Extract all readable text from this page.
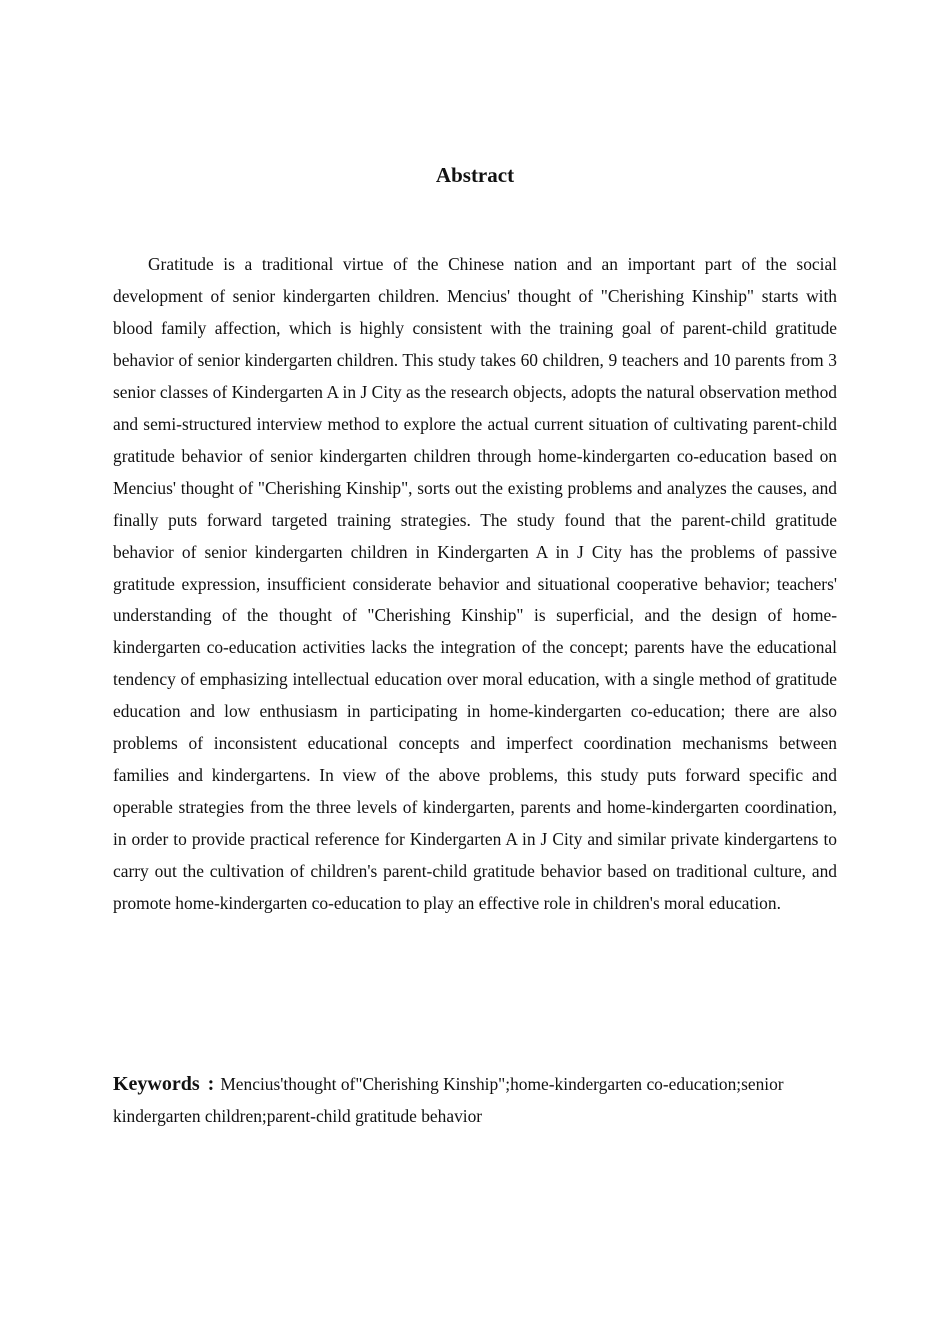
Abstract

Gratitude is a traditional virtue of the Chinese nation and an important part of the social development of senior kindergarten children. Mencius' thought of "Cherishing Kinship" starts with blood family affection, which is highly consistent with the training goal of parent-child gratitude behavior of senior kindergarten children. This study takes 60 children, 9 teachers and 10 parents from 3 senior classes of Kindergarten A in J City as the research objects, adopts the natural observation method and semi-structured interview method to explore the actual current situation of cultivating parent-child gratitude behavior of senior kindergarten children through home-kindergarten co-education based on Mencius' thought of "Cherishing Kinship", sorts out the existing problems and analyzes the causes, and finally puts forward targeted training strategies. The study found that the parent-child gratitude behavior of senior kindergarten children in Kindergarten A in J City has the problems of passive gratitude expression, insufficient considerate behavior and situational cooperative behavior; teachers' understanding of the thought of "Cherishing Kinship" is superficial, and the design of home-kindergarten co-education activities lacks the integration of the concept; parents have the educational tendency of emphasizing intellectual education over moral education, with a single method of gratitude education and low enthusiasm in participating in home-kindergarten co-education; there are also problems of inconsistent educational concepts and imperfect coordination mechanisms between families and kindergartens. In view of the above problems, this study puts forward specific and operable strategies from the three levels of kindergarten, parents and home-kindergarten coordination, in order to provide practical reference for Kindergarten A in J City and similar private kindergartens to carry out the cultivation of children's parent-child gratitude behavior based on traditional culture, and promote home-kindergarten co-education to play an effective role in children's moral education.

Keywords : Mencius'thought of"Cherishing Kinship";home-kindergarten co-education;senior kindergarten children;parent-child gratitude behavior
